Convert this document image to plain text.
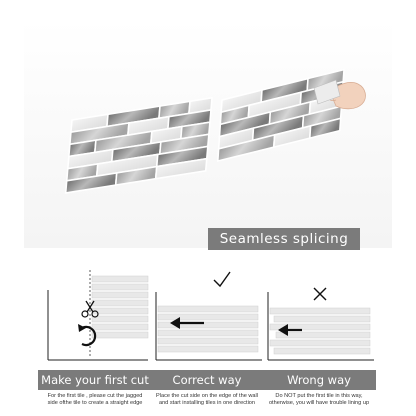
Seamless splicing
Make your first cut	Correct way	Wrong way
For the first tile , please cut the jagged
side ofthe tile to create a straight edge
Place the cut side on the edge of the wall
and start installing tiles in one direction
Do NOT put the first tile in this way,
otherwise, you will have trouble lining up
